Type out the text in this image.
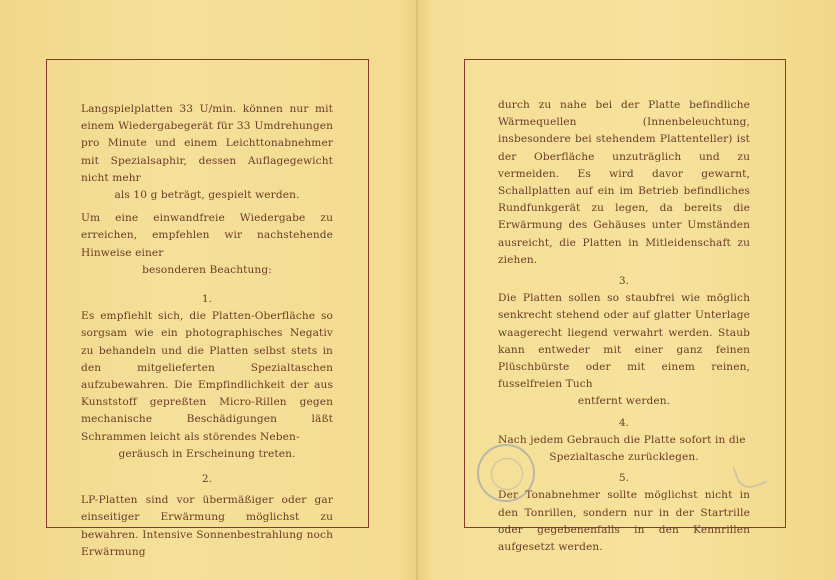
Langspielplatten 33 U/min. können nur mit einem Wiedergabegerät für 33 Umdrehungen pro Minute und einem Leichttonabnehmer mit Spezialsaphir, dessen Auflagegewicht nicht mehr

als 10 g beträgt, gespielt werden.

Um eine einwandfreie Wiedergabe zu erreichen, empfehlen wir nachstehende Hinweise einer

besonderen Beachtung:

1.

Es empfiehlt sich, die Platten-Oberfläche so sorgsam wie ein photographisches Negativ zu behandeln und die Platten selbst stets in den mitgelieferten Spezialtaschen aufzubewahren. Die Empfindlichkeit der aus Kunststoff gepreßten Micro-Rillen gegen mechanische Beschädigungen läßt Schrammen leicht als störendes Neben-

geräusch in Erscheinung treten.

2.

LP-Platten sind vor übermäßiger oder gar einseitiger Erwärmung möglichst zu bewahren. Intensive Sonnenbestrahlung noch Erwärmung

durch zu nahe bei der Platte befindliche Wärmequellen (Innenbeleuchtung, insbesondere bei stehendem Plattenteller) ist der Oberfläche unzuträglich und zu vermeiden. Es wird davor gewarnt, Schallplatten auf ein im Betrieb befindliches Rundfunkgerät zu legen, da bereits die Erwärmung des Gehäuses unter Umständen ausreicht, die Platten in Mitleidenschaft zu ziehen.

3.

Die Platten sollen so staubfrei wie möglich senkrecht stehend oder auf glatter Unterlage waagerecht liegend verwahrt werden. Staub kann entweder mit einer ganz feinen Plüschbürste oder mit einem reinen, fusselfreien Tuch

entfernt werden.

4.

Nach jedem Gebrauch die Platte sofort in die

Spezialtasche zurücklegen.

5.

Der Tonabnehmer sollte möglichst nicht in den Tonrillen, sondern nur in der Startrille oder gegebenenfalls in den Kennrillen aufgesetzt werden.
